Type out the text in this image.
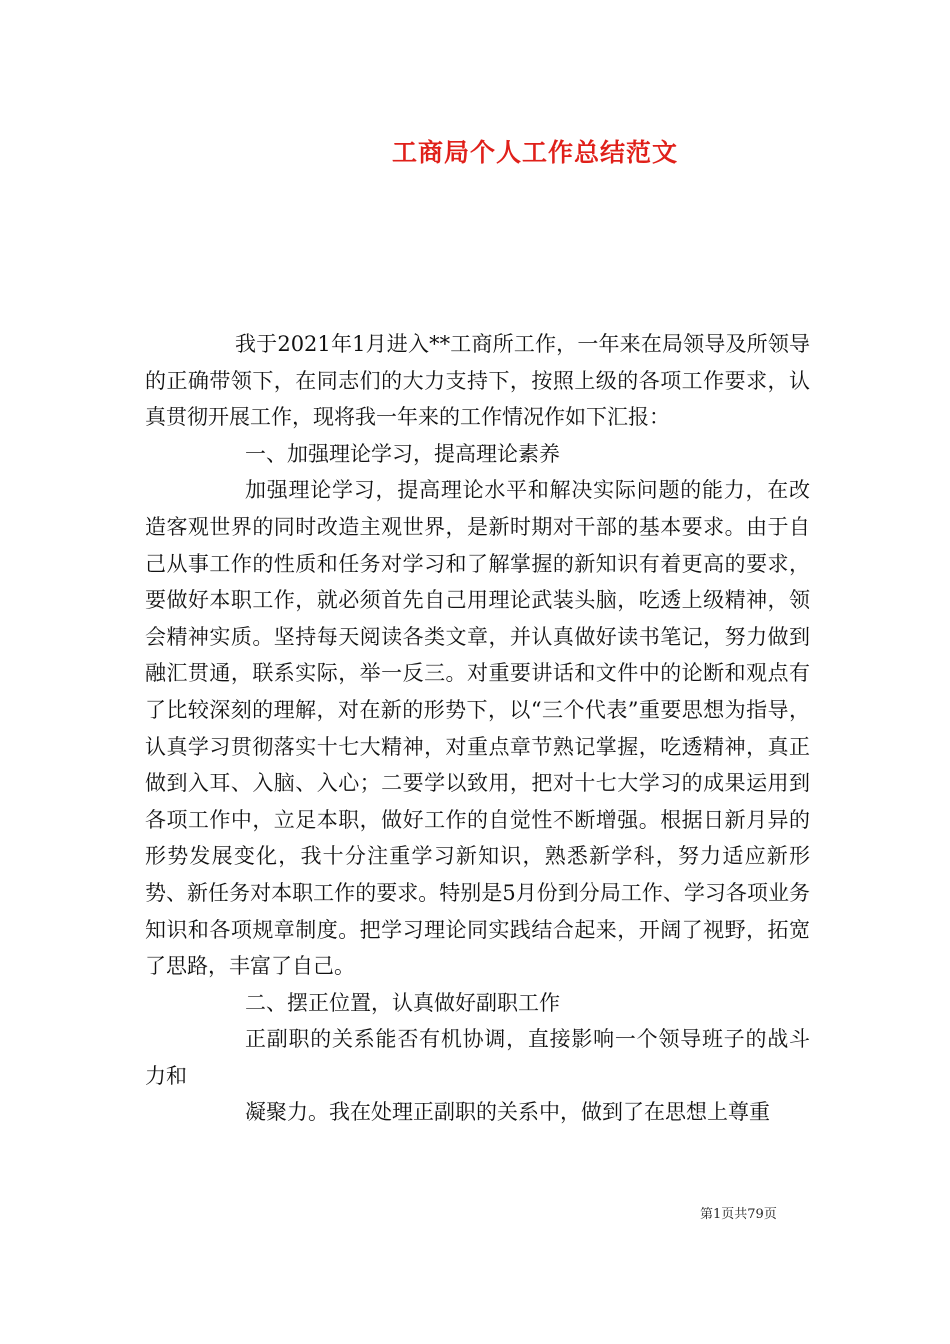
工商局个人工作总结范文

我于2021年1月进入**工商所工作，一年来在局领导及所领导的正确带领下，在同志们的大力支持下，按照上级的各项工作要求，认真贯彻开展工作，现将我一年来的工作情况作如下汇报：

一、加强理论学习，提高理论素养

加强理论学习，提高理论水平和解决实际问题的能力，在改造客观世界的同时改造主观世界，是新时期对干部的基本要求。由于自己从事工作的性质和任务对学习和了解掌握的新知识有着更高的要求，要做好本职工作，就必须首先自己用理论武装头脑，吃透上级精神，领会精神实质。坚持每天阅读各类文章，并认真做好读书笔记，努力做到融汇贯通，联系实际，举一反三。对重要讲话和文件中的论断和观点有了比较深刻的理解，对在新的形势下，以“三个代表”重要思想为指导，认真学习贯彻落实十七大精神，对重点章节熟记掌握，吃透精神，真正做到入耳、入脑、入心；二要学以致用，把对十七大学习的成果运用到各项工作中，立足本职，做好工作的自觉性不断增强。根据日新月异的形势发展变化，我十分注重学习新知识，熟悉新学科，努力适应新形势、新任务对本职工作的要求。特别是5月份到分局工作、学习各项业务知识和各项规章制度。把学习理论同实践结合起来，开阔了视野，拓宽了思路，丰富了自己。

二、摆正位置，认真做好副职工作

正副职的关系能否有机协调，直接影响一个领导班子的战斗力和

凝聚力。我在处理正副职的关系中，做到了在思想上尊重

第1页共79页
